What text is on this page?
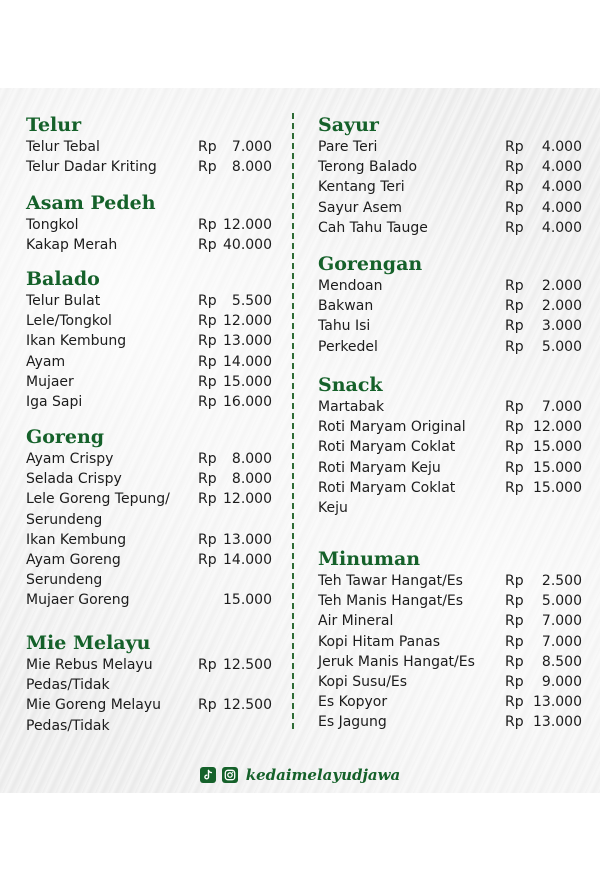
Telur
Telur Tebal	Rp 7.000
Telur Dadar Kriting	Rp 8.000
Asam Pedeh
Tongkol	Rp 12.000
Kakap Merah	Rp 40.000
Balado
Telur Bulat	Rp 5.500
Lele/Tongkol	Rp 12.000
Ikan Kembung	Rp 13.000
Ayam	Rp 14.000
Mujaer	Rp 15.000
Iga Sapi	Rp 16.000
Goreng
Ayam Crispy	Rp 8.000
Selada Crispy	Rp 8.000
Lele Goreng Tepung/ Rp 12.000
Serundeng
Ikan Kembung	Rp 13.000
Ayam Goreng	Rp 14.000
Serundeng
Mujaer Goreng	15.000
Mie Melayu
Mie Rebus Melayu	Rp 12.500
Pedas/Tidak
Mie Goreng Melayu	Rp 12.500
Pedas/Tidak
Sayur
Pare Teri	Rp 4.000
Terong Balado	Rp 4.000
Kentang Teri	Rp 4.000
Sayur Asem	Rp 4.000
Cah Tahu Tauge	Rp 4.000
Gorengan
Mendoan	Rp 2.000
Bakwan	Rp 2.000
Tahu Isi	Rp 3.000
Perkedel	Rp 5.000
Snack
Martabak	Rp 7.000
Roti Maryam Original	Rp 12.000
Roti Maryam Coklat	Rp 15.000
Roti Maryam Keju	Rp 15.000
Roti Maryam Coklat	Rp 15.000
Keju
Minuman
Teh Tawar Hangat/Es	Rp 2.500
Teh Manis Hangat/Es	Rp 5.000
Air Mineral	Rp 7.000
Kopi Hitam Panas	Rp 7.000
Jeruk Manis Hangat/Es Rp 8.500
Kopi Susu/Es	Rp 9.000
Es Kopyor	Rp 13.000
Es Jagung	Rp 13.000
kedaimelayudjawa
